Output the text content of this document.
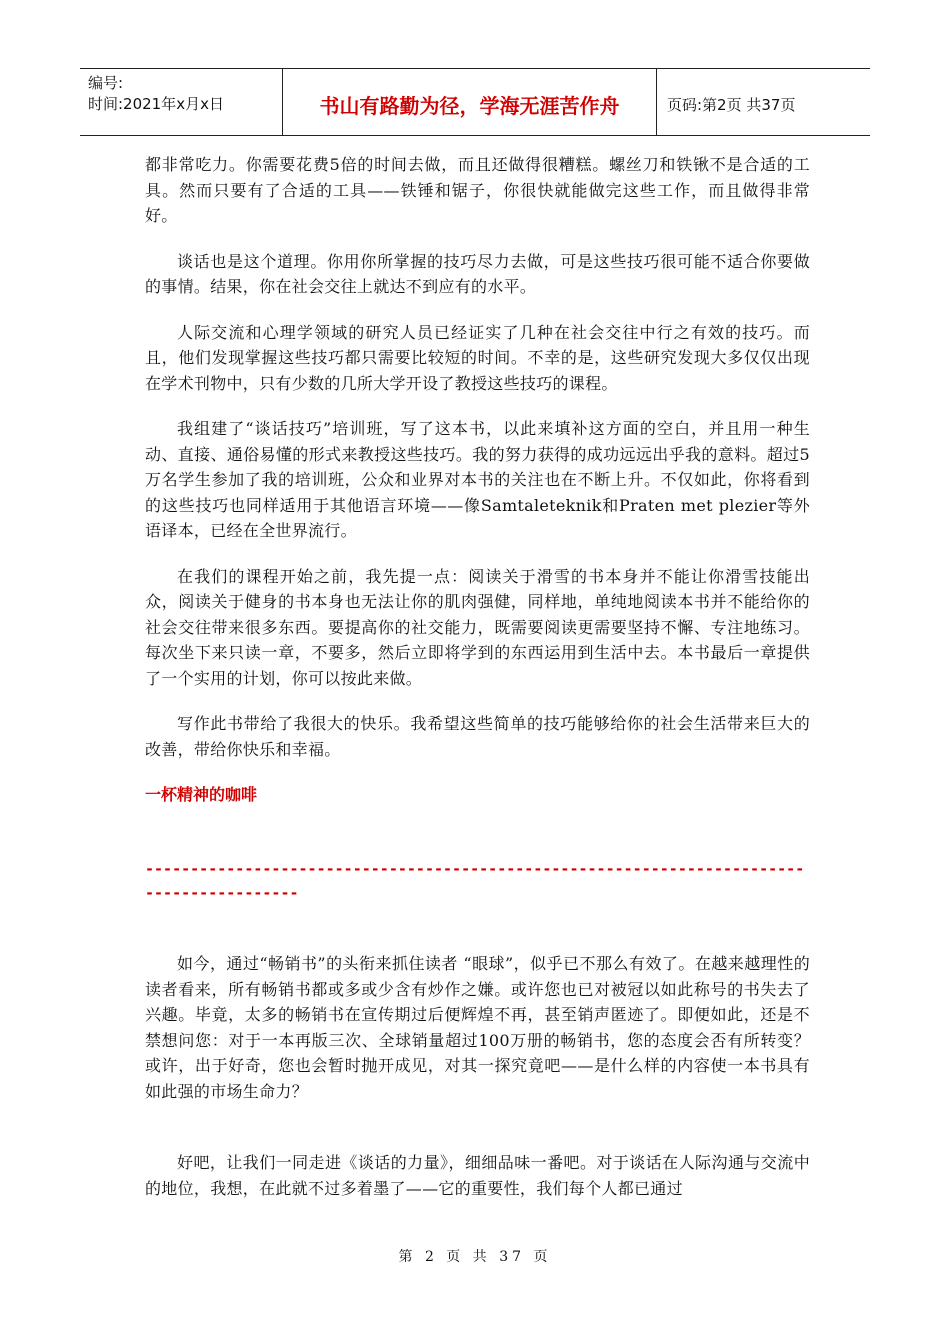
编号:
时间:2021年x月x日	书山有路勤为径，学海无涯苦作舟	页码:第2页 共37页

都非常吃力。你需要花费5倍的时间去做，而且还做得很糟糕。螺丝刀和铁锹不是合适的工具。然而只要有了合适的工具——铁锤和锯子，你很快就能做完这些工作，而且做得非常好。

谈话也是这个道理。你用你所掌握的技巧尽力去做，可是这些技巧很可能不适合你要做的事情。结果，你在社会交往上就达不到应有的水平。

人际交流和心理学领域的研究人员已经证实了几种在社会交往中行之有效的技巧。而且，他们发现掌握这些技巧都只需要比较短的时间。不幸的是，这些研究发现大多仅仅出现在学术刊物中，只有少数的几所大学开设了教授这些技巧的课程。

我组建了“谈话技巧”培训班，写了这本书，以此来填补这方面的空白，并且用一种生动、直接、通俗易懂的形式来教授这些技巧。我的努力获得的成功远远出乎我的意料。超过5万名学生参加了我的培训班，公众和业界对本书的关注也在不断上升。不仅如此，你将看到的这些技巧也同样适用于其他语言环境——像Samtaleteknik和Praten met plezier等外语译本，已经在全世界流行。

在我们的课程开始之前，我先提一点：阅读关于滑雪的书本身并不能让你滑雪技能出众，阅读关于健身的书本身也无法让你的肌肉强健，同样地，单纯地阅读本书并不能给你的社会交往带来很多东西。要提高你的社交能力，既需要阅读更需要坚持不懈、专注地练习。每次坐下来只读一章，不要多，然后立即将学到的东西运用到生活中去。本书最后一章提供了一个实用的计划，你可以按此来做。

写作此书带给了我很大的快乐。我希望这些简单的技巧能够给你的社会生活带来巨大的改善，带给你快乐和幸福。

一杯精神的咖啡
------------------------------------------------------------------------------------------

如今，通过“畅销书”的头衔来抓住读者 “眼球”，似乎已不那么有效了。在越来越理性的读者看来，所有畅销书都或多或少含有炒作之嫌。或许您也已对被冠以如此称号的书失去了兴趣。毕竟，太多的畅销书在宣传期过后便辉煌不再，甚至销声匿迹了。即便如此，还是不禁想问您：对于一本再版三次、全球销量超过100万册的畅销书，您的态度会否有所转变？或许，出于好奇，您也会暂时抛开成见，对其一探究竟吧——是什么样的内容使一本书具有如此强的市场生命力？

好吧，让我们一同走进《谈话的力量》，细细品味一番吧。对于谈话在人际沟通与交流中的地位，我想，在此就不过多着墨了——它的重要性，我们每个人都已通过

第 2 页 共 37 页
